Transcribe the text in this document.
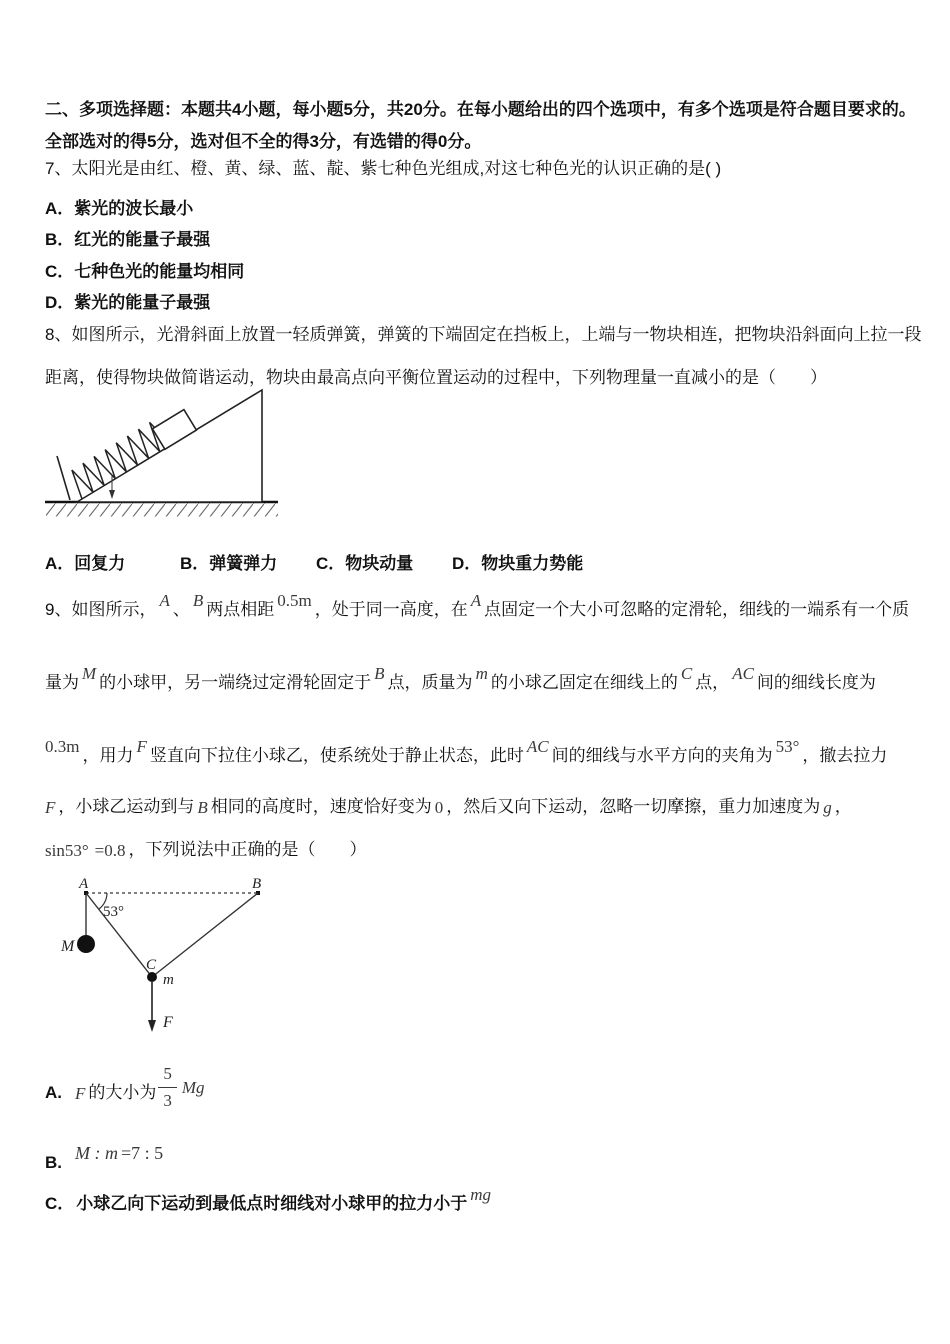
二、多项选择题：本题共4小题，每小题5分，共20分。在每小题给出的四个选项中，有多个选项是符合题目要求的。
全部选对的得5分，选对但不全的得3分，有选错的得0分。
7、太阳光是由红、橙、黄、绿、蓝、靛、紫七种色光组成,对这七种色光的认识正确的是( )
A．紫光的波长最小
B．红光的能量子最强
C．七种色光的能量均相同
D．紫光的能量子最强
8、如图所示，光滑斜面上放置一轻质弹簧，弹簧的下端固定在挡板上，上端与一物块相连，把物块沿斜面向上拉一段
距离，使得物块做简谐运动，物块由最高点向平衡位置运动的过程中，下列物理量一直减小的是（　　）
A．回复力	B．弹簧弹力 C．物块动量 D．物块重力势能
9、如图所示， A 、 B 两点相距 0.5m ，处于同一高度，在 A 点固定一个大小可忽略的定滑轮，细线的一端系有一个质
量为 M 的小球甲，另一端绕过定滑轮固定于 B 点，质量为 m 的小球乙固定在细线上的 C 点， AC 间的细线长度为
0.3m ，用力 F 竖直向下拉住小球乙，使系统处于静止状态，此时 AC 间的细线与水平方向的夹角为 53° ，撤去拉力
F ，小球乙运动到与 B 相同的高度时，速度恰好变为 0 ，然后又向下运动，忽略一切摩擦，重力加速度为 g ，
sin53° =0.8 ，下列说法中正确的是（　　）
A	B
53°
M
C
m
F
A. F 的大小为 $\frac{5}{3}$ Mg
B. M : m=7 : 5
C． 小球乙向下运动到最低点时细线对小球甲的拉力小于 mg
